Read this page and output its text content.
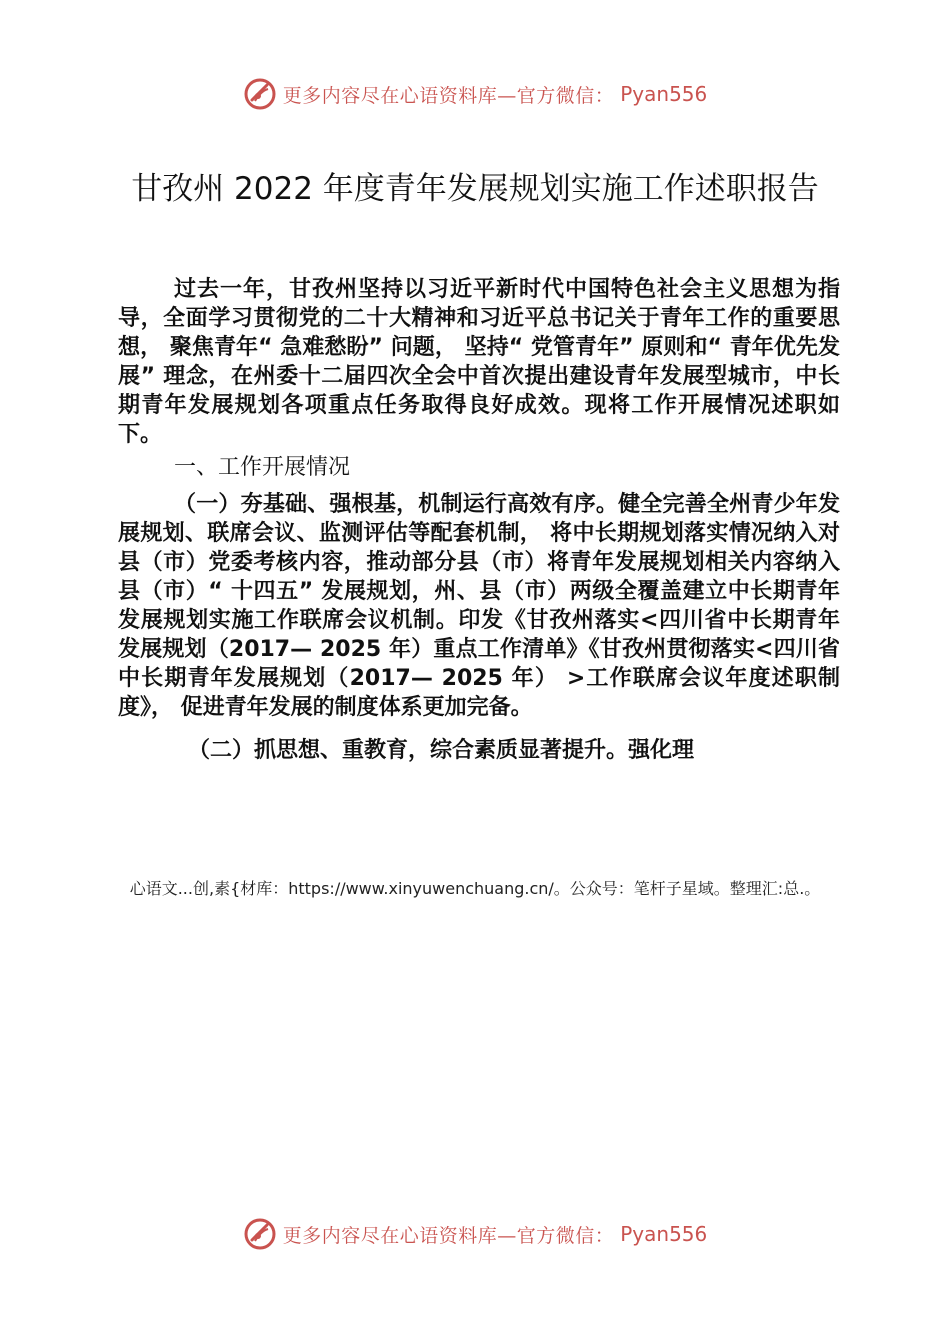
更多内容尽在心语资料库—官方微信： Pyan556
甘孜州 2022 年度青年发展规划实施工作述职报告

过去一年，甘孜州坚持以习近平新时代中国特色社会主义思想为指导，全面学习贯彻党的二十大精神和习近平总书记关于青年工作的重要思想， 聚焦青年“ 急难愁盼” 问题， 坚持“ 党管青年” 原则和“ 青年优先发展” 理念，在州委十二届四次全会中首次提出建设青年发展型城市，中长期青年发展规划各项重点任务取得良好成效。现将工作开展情况述职如下。

一、工作开展情况

（一）夯基础、强根基，机制运行高效有序。健全完善全州青少年发展规划、联席会议、监测评估等配套机制， 将中长期规划落实情况纳入对县（市）党委考核内容，推动部分县（市）将青年发展规划相关内容纳入县（市）“ 十四五” 发展规划，州、县（市）两级全覆盖建立中长期青年发展规划实施工作联席会议机制。印发《甘孜州落实<四川省中长期青年发展规划（2017— 2025 年）重点工作清单》《甘孜州贯彻落实<四川省中长期青年发展规划（2017— 2025 年） >工作联席会议年度述职制度》， 促进青年发展的制度体系更加完备。

（二）抓思想、重教育，综合素质显著提升。强化理

心语文...创,素{材库：https://www.xinyuwenchuang.cn/。公众号：笔杆子星域。整理汇:总.。
更多内容尽在心语资料库—官方微信： Pyan556
